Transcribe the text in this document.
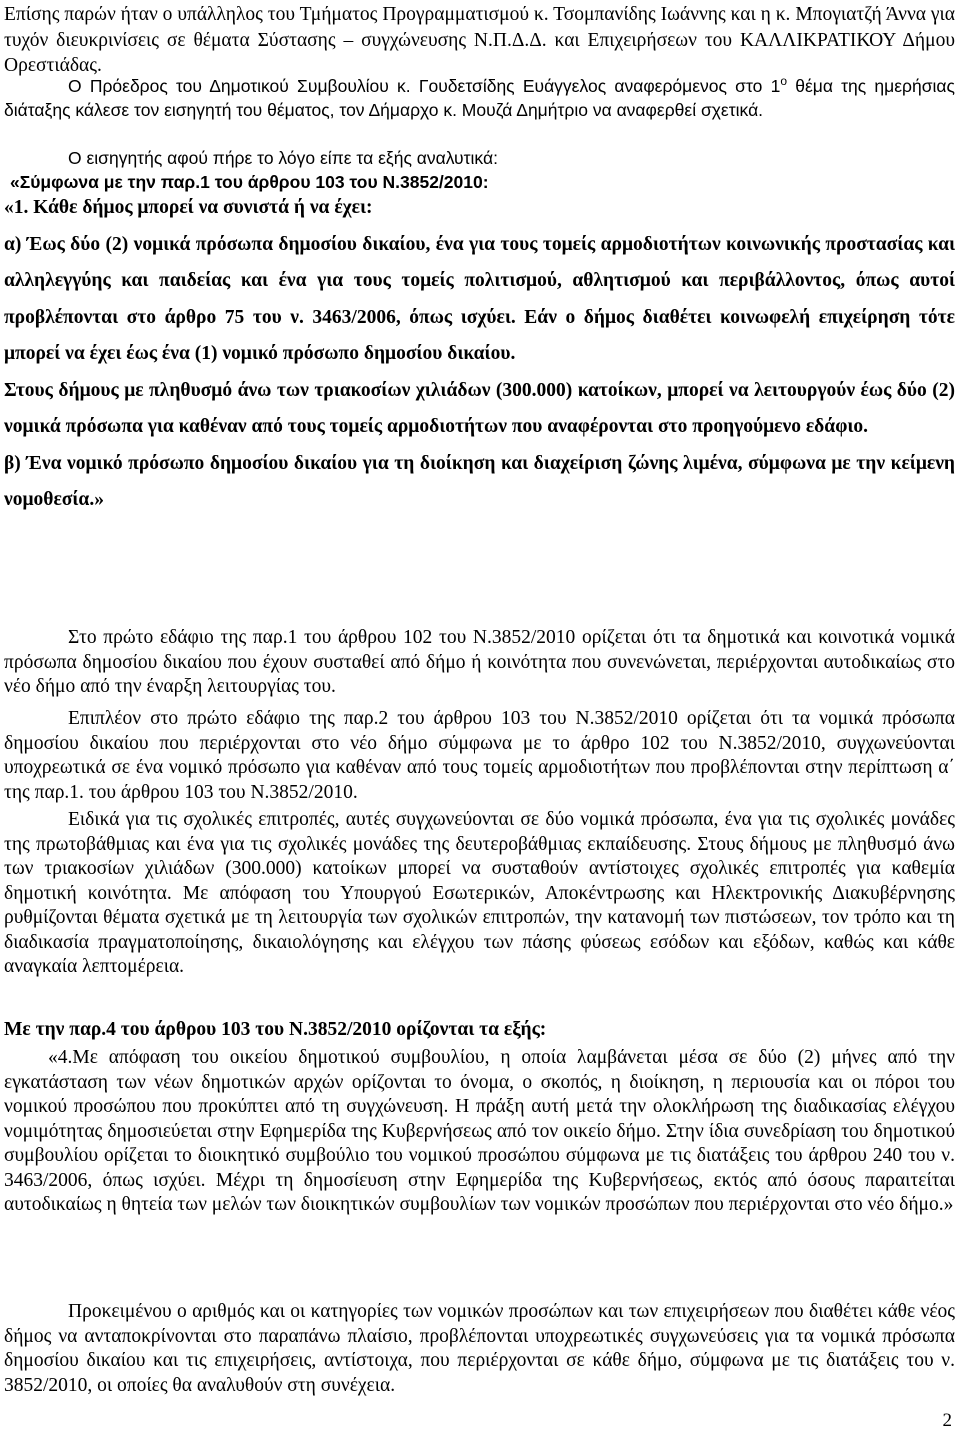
Επίσης παρών ήταν ο υπάλληλος του Τμήματος Προγραμματισμού κ. Τσομπανίδης Ιωάννης και η κ. Μπογιατζή Άννα για τυχόν διευκρινίσεις σε θέματα Σύστασης – συγχώνευσης Ν.Π.Δ.Δ. και Επιχειρήσεων του ΚΑΛΛΙΚΡΑΤΙΚΟΥ Δήμου Ορεστιάδας.

Ο Πρόεδρος του Δημοτικού Συμβουλίου κ. Γουδετσίδης Ευάγγελος αναφερόμενος στο $1^o$ θέμα της ημερήσιας διάταξης κάλεσε τον εισηγητή του θέματος, τον Δήμαρχο κ. Μουζά Δημήτριο να αναφερθεί σχετικά.

Ο εισηγητής αφού πήρε το λόγο είπε τα εξής αναλυτικά:

«Σύμφωνα με την παρ.1 του άρθρου 103 του Ν.3852/2010:

«1. Κάθε δήμος μπορεί να συνιστά ή να έχει:
α) Έως δύο (2) νομικά πρόσωπα δημοσίου δικαίου, ένα για τους τομείς αρμοδιοτήτων κοινωνικής προστασίας και αλληλεγγύης και παιδείας και ένα για τους τομείς πολιτισμού, αθλητισμού και περιβάλλοντος, όπως αυτοί προβλέπονται στο άρθρο 75 του ν. 3463/2006, όπως ισχύει. Εάν ο δήμος διαθέτει κοινωφελή επιχείρηση τότε μπορεί να έχει έως ένα (1) νομικό πρόσωπο δημοσίου δικαίου.
Στους δήμους με πληθυσμό άνω των τριακοσίων χιλιάδων (300.000) κατοίκων, μπορεί να λειτουργούν έως δύο (2) νομικά πρόσωπα για καθέναν από τους τομείς αρμοδιοτήτων που αναφέρονται στο προηγούμενο εδάφιο.
β) Ένα νομικό πρόσωπο δημοσίου δικαίου για τη διοίκηση και διαχείριση ζώνης λιμένα, σύμφωνα με την κείμενη νομοθεσία.»

Στο πρώτο εδάφιο της παρ.1 του άρθρου 102 του Ν.3852/2010 ορίζεται ότι τα δημοτικά και κοινοτικά νομικά πρόσωπα δημοσίου δικαίου που έχουν συσταθεί από δήμο ή κοινότητα που συνενώνεται, περιέρχονται αυτοδικαίως στο νέο δήμο από την έναρξη λειτουργίας του.

Επιπλέον στο πρώτο εδάφιο της παρ.2 του άρθρου 103 του Ν.3852/2010 ορίζεται ότι τα νομικά πρόσωπα δημοσίου δικαίου που περιέρχονται στο νέο δήμο σύμφωνα με το άρθρο 102 του Ν.3852/2010, συγχωνεύονται υποχρεωτικά σε ένα νομικό πρόσωπο για καθέναν από τους τομείς αρμοδιοτήτων που προβλέπονται στην περίπτωση α΄ της παρ.1. του άρθρου 103 του Ν.3852/2010.

Ειδικά για τις σχολικές επιτροπές, αυτές συγχωνεύονται σε δύο νομικά πρόσωπα, ένα για τις σχολικές μονάδες της πρωτοβάθμιας και ένα για τις σχολικές μονάδες της δευτεροβάθμιας εκπαίδευσης. Στους δήμους με πληθυσμό άνω των τριακοσίων χιλιάδων (300.000) κατοίκων μπορεί να συσταθούν αντίστοιχες σχολικές επιτροπές για καθεμία δημοτική κοινότητα. Με απόφαση του Υπουργού Εσωτερικών, Αποκέντρωσης και Ηλεκτρονικής Διακυβέρνησης ρυθμίζονται θέματα σχετικά με τη λειτουργία των σχολικών επιτροπών, την κατανομή των πιστώσεων, τον τρόπο και τη διαδικασία πραγματοποίησης, δικαιολόγησης και ελέγχου των πάσης φύσεως εσόδων και εξόδων, καθώς και κάθε αναγκαία λεπτομέρεια.

Με την παρ.4 του άρθρου 103 του Ν.3852/2010 ορίζονται τα εξής:

«4.Με απόφαση του οικείου δημοτικού συμβουλίου, η οποία λαμβάνεται μέσα σε δύο (2) μήνες από την εγκατάσταση των νέων δημοτικών αρχών ορίζονται το όνομα, ο σκοπός, η διοίκηση, η περιουσία και οι πόροι του νομικού προσώπου που προκύπτει από τη συγχώνευση. Η πράξη αυτή μετά την ολοκλήρωση της διαδικασίας ελέγχου νομιμότητας δημοσιεύεται στην Εφημερίδα της Κυβερνήσεως από τον οικείο δήμο. Στην ίδια συνεδρίαση του δημοτικού συμβουλίου ορίζεται το διοικητικό συμβούλιο του νομικού προσώπου σύμφωνα με τις διατάξεις του άρθρου 240 του ν. 3463/2006, όπως ισχύει. Μέχρι τη δημοσίευση στην Εφημερίδα της Κυβερνήσεως, εκτός από όσους παραιτείται αυτοδικαίως η θητεία των μελών των διοικητικών συμβουλίων των νομικών προσώπων που περιέρχονται στο νέο δήμο.»

Προκειμένου ο αριθμός και οι κατηγορίες των νομικών προσώπων και των επιχειρήσεων που διαθέτει κάθε νέος δήμος να ανταποκρίνονται στο παραπάνω πλαίσιο, προβλέπονται υποχρεωτικές συγχωνεύσεις για τα νομικά πρόσωπα δημοσίου δικαίου και τις επιχειρήσεις, αντίστοιχα, που περιέρχονται σε κάθε δήμο, σύμφωνα με τις διατάξεις του ν. 3852/2010, οι οποίες θα αναλυθούν στη συνέχεια.

2
